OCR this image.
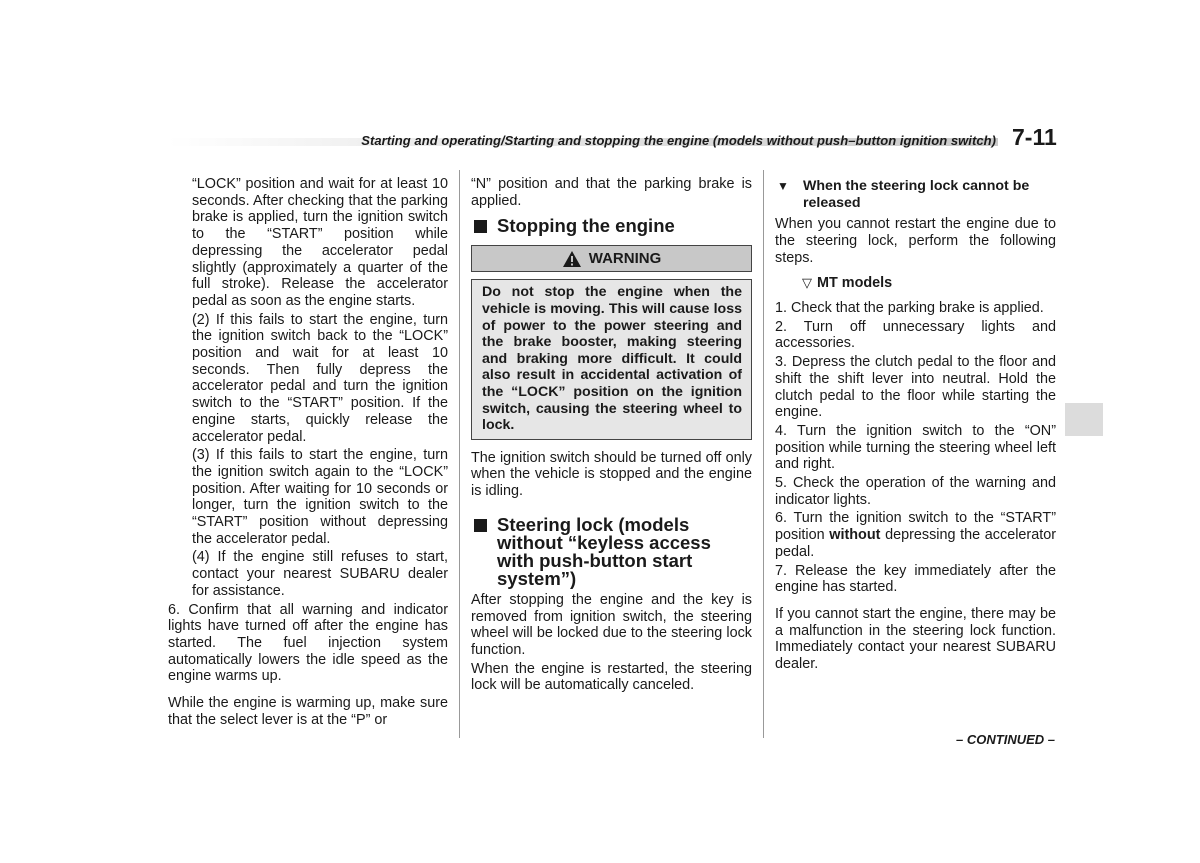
Starting and operating/Starting and stopping the engine (models without push–button ignition switch) 7-11

“LOCK” position and wait for at least 10 seconds. After checking that the parking brake is applied, turn the ignition switch to the “START” position while depressing the accelerator pedal slightly (approximately a quarter of the full stroke). Release the accelerator pedal as soon as the engine starts.

(2) If this fails to start the engine, turn the ignition switch back to the “LOCK” position and wait for at least 10 seconds. Then fully depress the accelerator pedal and turn the ignition switch to the “START” position. If the engine starts, quickly release the accelerator pedal.

(3) If this fails to start the engine, turn the ignition switch again to the “LOCK” position. After waiting for 10 seconds or longer, turn the ignition switch to the “START” position without depressing the accelerator pedal.

(4) If the engine still refuses to start, contact your nearest SUBARU dealer for assistance.

6. Confirm that all warning and indicator lights have turned off after the engine has started. The fuel injection system automatically lowers the idle speed as the engine warms up.

While the engine is warming up, make sure that the select lever is at the “P” or

“N” position and that the parking brake is applied.

Stopping the engine
WARNING
Do not stop the engine when the vehicle is moving. This will cause loss of power to the power steering and the brake booster, making steering and braking more difficult. It could also result in accidental activation of the “LOCK” position on the ignition switch, causing the steering wheel to lock.

The ignition switch should be turned off only when the vehicle is stopped and the engine is idling.

Steering lock (models without “keyless access with push-button start system”)

After stopping the engine and the key is removed from ignition switch, the steering wheel will be locked due to the steering lock function.

When the engine is restarted, the steering lock will be automatically canceled.

▼ When the steering lock cannot be released

When you cannot restart the engine due to the steering lock, perform the following steps.

▽ MT models

1. Check that the parking brake is applied.

2. Turn off unnecessary lights and accessories.

3. Depress the clutch pedal to the floor and shift the shift lever into neutral. Hold the clutch pedal to the floor while starting the engine.

4. Turn the ignition switch to the “ON” position while turning the steering wheel left and right.

5. Check the operation of the warning and indicator lights.

6. Turn the ignition switch to the “START” position without depressing the accelerator pedal.

7. Release the key immediately after the engine has started.

If you cannot start the engine, there may be a malfunction in the steering lock function. Immediately contact your nearest SUBARU dealer.

– CONTINUED –
